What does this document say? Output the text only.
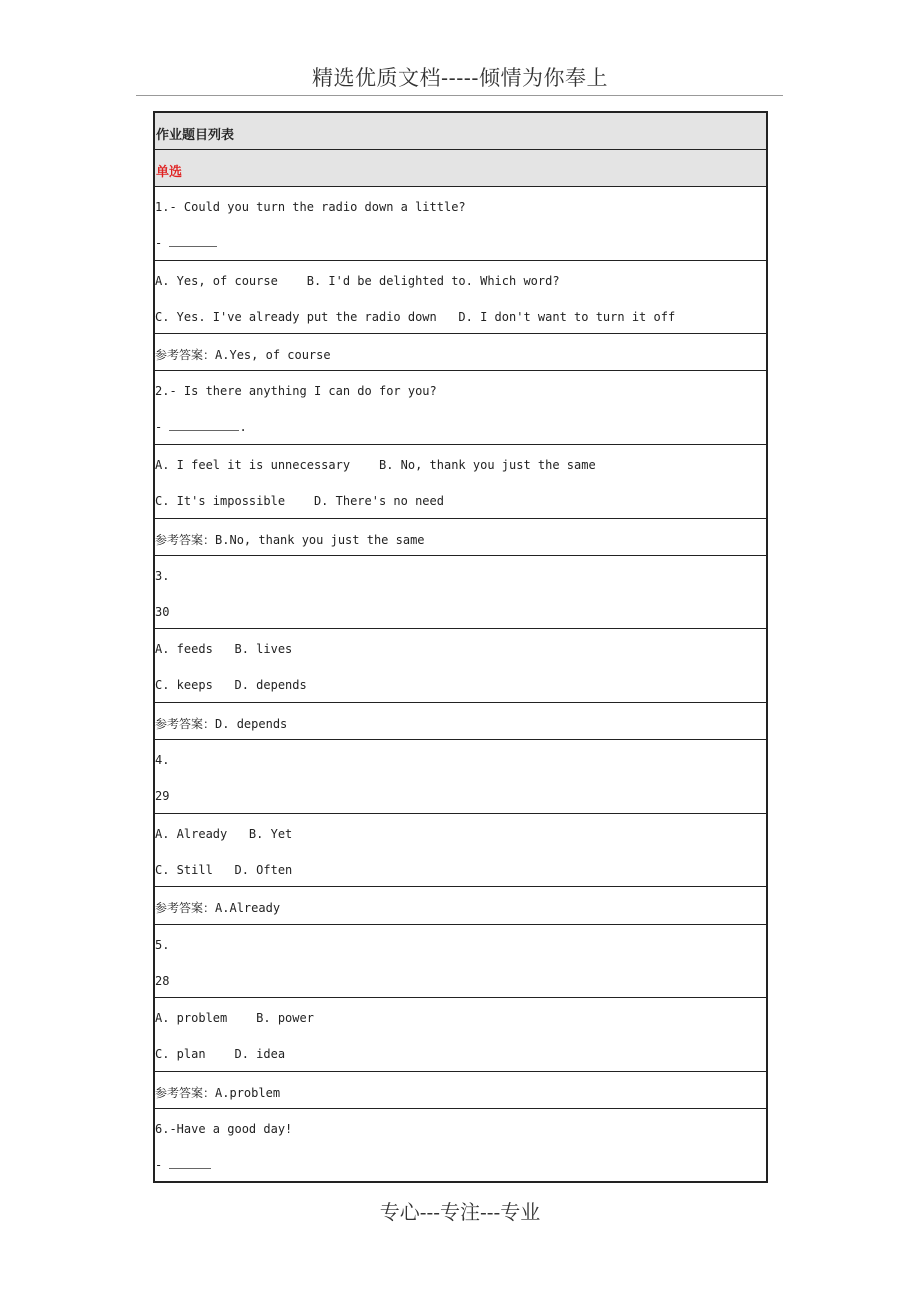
精选优质文档-----倾情为你奉上
作业题目列表
单选
1.- Could you turn the radio down a little?
-
A. Yes, of course    B. I'd be delighted to. Which word?
C. Yes. I've already put the radio down   D. I don't want to turn it off
参考答案：A.Yes, of course
2.- Is there anything I can do for you?
-	.
A. I feel it is unnecessary    B. No, thank you just the same
C. It's impossible    D. There's no need
参考答案：B.No, thank you just the same
3.
30
A. feeds   B. lives
C. keeps   D. depends
参考答案：D. depends
4.
29
A. Already   B. Yet
C. Still   D. Often
参考答案：A.Already
5.
28
A. problem    B. power
C. plan    D. idea
参考答案：A.problem
6.-Have a good day!
-
专心---专注---专业
